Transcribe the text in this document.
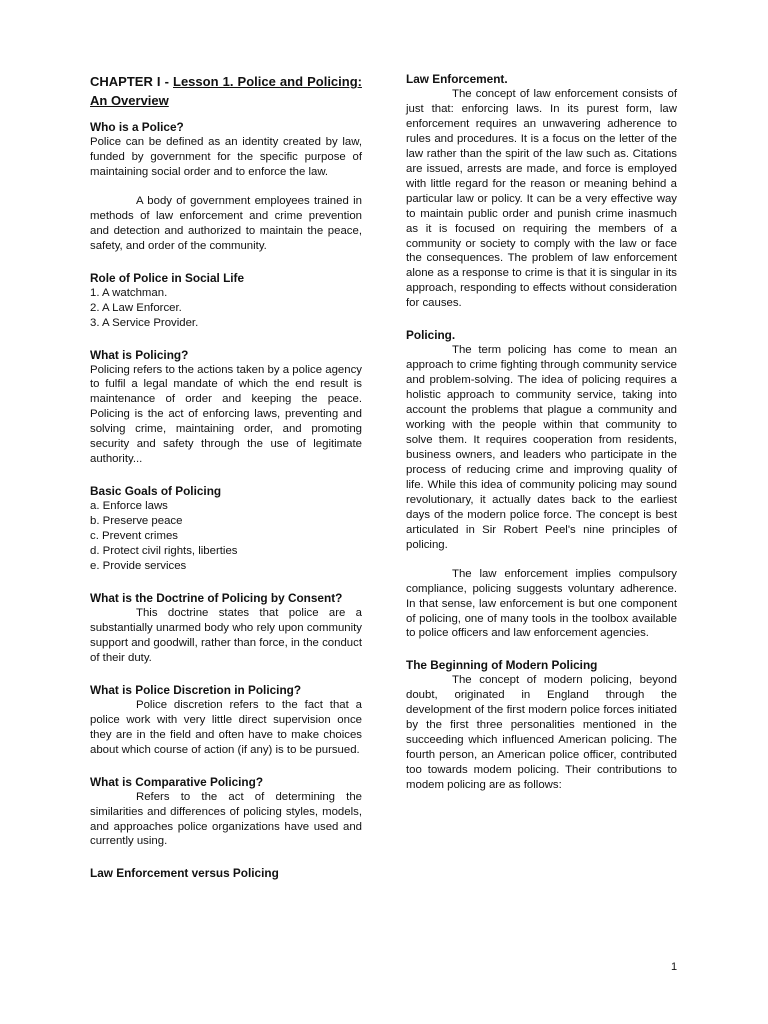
CHAPTER I - Lesson 1. Police and Policing: An Overview

Who is a Police?

Police can be defined as an identity created by law, funded by government for the specific purpose of maintaining social order and to enforce the law.

A body of government employees trained in methods of law enforcement and crime prevention and detection and authorized to maintain the peace, safety, and order of the community.

Role of Police in Social Life
1. A watchman.
2. A Law Enforcer.
3. A Service Provider.
What is Policing?

Policing refers to the actions taken by a police agency to fulfil a legal mandate of which the end result is maintenance of order and keeping the peace. Policing is the act of enforcing laws, preventing and solving crime, maintaining order, and promoting security and safety through the use of legitimate authority...

Basic Goals of Policing
a. Enforce laws
b. Preserve peace
c. Prevent crimes
d. Protect civil rights, liberties
e. Provide services
What is the Doctrine of Policing by Consent?

This doctrine states that police are a substantially unarmed body who rely upon community support and goodwill, rather than force, in the conduct of their duty.

What is Police Discretion in Policing?

Police discretion refers to the fact that a police work with very little direct supervision once they are in the field and often have to make choices about which course of action (if any) is to be pursued.

What is Comparative Policing?

Refers to the act of determining the similarities and differences of policing styles, models, and approaches police organizations have used and currently using.

Law Enforcement versus Policing
Law Enforcement.

The concept of law enforcement consists of just that: enforcing laws. In its purest form, law enforcement requires an unwavering adherence to rules and procedures. It is a focus on the letter of the law rather than the spirit of the law such as. Citations are issued, arrests are made, and force is employed with little regard for the reason or meaning behind a particular law or policy. It can be a very effective way to maintain public order and punish crime inasmuch as it is focused on requiring the members of a community or society to comply with the law or face the consequences. The problem of law enforcement alone as a response to crime is that it is singular in its approach, responding to effects without consideration for causes.

Policing.

The term policing has come to mean an approach to crime fighting through community service and problem-solving. The idea of policing requires a holistic approach to community service, taking into account the problems that plague a community and working with the people within that community to solve them. It requires cooperation from residents, business owners, and leaders who participate in the process of reducing crime and improving quality of life. While this idea of community policing may sound revolutionary, it actually dates back to the earliest days of the modern police force. The concept is best articulated in Sir Robert Peel's nine principles of policing.

The law enforcement implies compulsory compliance, policing suggests voluntary adherence. In that sense, law enforcement is but one component of policing, one of many tools in the toolbox available to police officers and law enforcement agencies.

The Beginning of Modern Policing

The concept of modern policing, beyond doubt, originated in England through the development of the first modern police forces initiated by the first three personalities mentioned in the succeeding which influenced American policing. The fourth person, an American police officer, contributed too towards modem policing. Their contributions to modem policing are as follows:

1
